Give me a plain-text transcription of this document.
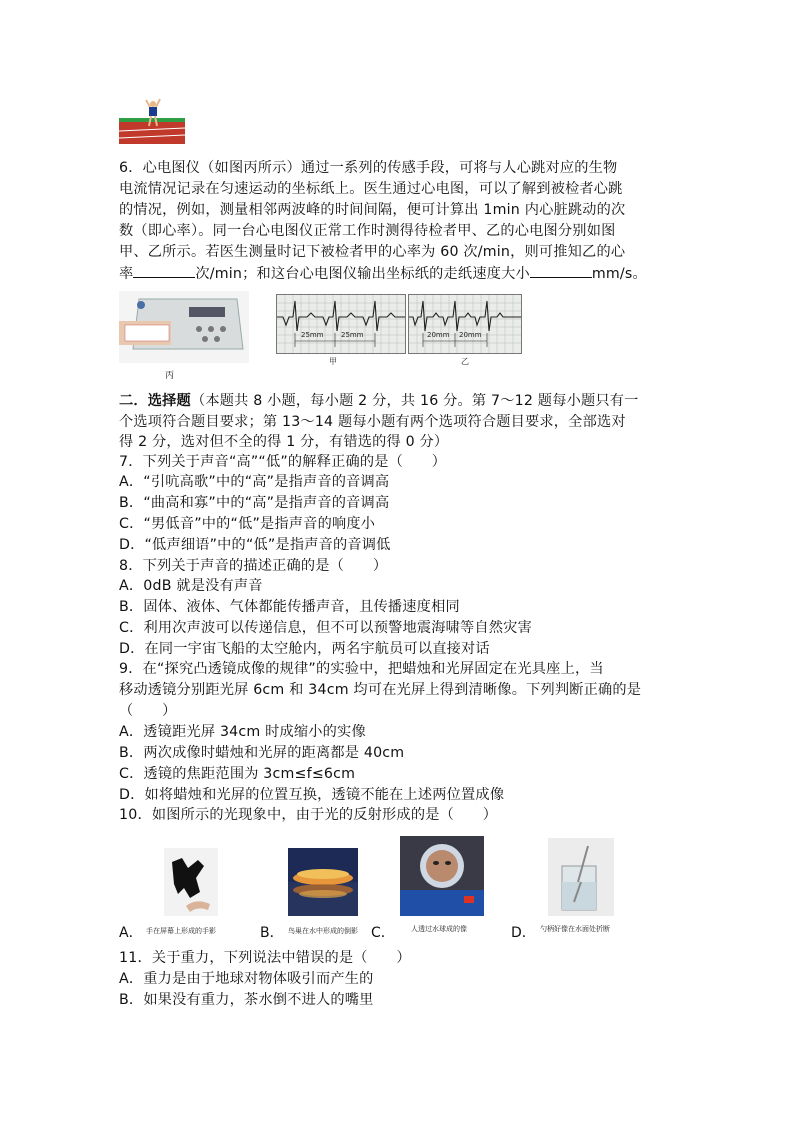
6．心电图仪（如图丙所示）通过一系列的传感手段，可将与人心跳对应的生物
电流情况记录在匀速运动的坐标纸上。医生通过心电图，可以了解到被检者心跳
的情况，例如，测量相邻两波峰的时间间隔，便可计算出 1min 内心脏跳动的次
数（即心率）。同一台心电图仪正常工作时测得待检者甲、乙的心电图分别如图
甲、乙所示。若医生测量时记下被检者甲的心率为 60 次/min，则可推知乙的心
率	次/min；和这台心电图仪输出坐标纸的走纸速度大小	mm/s。
丙
25mm 25mm
甲
20mm 20mm
乙
二．选择题（本题共 8 小题，每小题 2 分，共 16 分。第 7～12 题每小题只有一
个选项符合题目要求；第 13～14 题每小题有两个选项符合题目要求，全部选对
得 2 分，选对但不全的得 1 分，有错选的得 0 分）
7．下列关于声音“高”“低”的解释正确的是（　　）
A．“引吭高歌”中的“高”是指声音的音调高
B．“曲高和寡”中的“高”是指声音的音调高
C．“男低音”中的“低”是指声音的响度小
D．“低声细语”中的“低”是指声音的音调低
8．下列关于声音的描述正确的是（　　）
A．0dB 就是没有声音
B．固体、液体、气体都能传播声音，且传播速度相同
C．利用次声波可以传递信息，但不可以预警地震海啸等自然灾害
D．在同一宇宙飞船的太空舱内，两名宇航员可以直接对话
9．在“探究凸透镜成像的规律”的实验中，把蜡烛和光屏固定在光具座上，当
移动透镜分别距光屏 6cm 和 34cm 均可在光屏上得到清晰像。下列判断正确的是
（　　）
A．透镜距光屏 34cm 时成缩小的实像
B．两次成像时蜡烛和光屏的距离都是 40cm
C．透镜的焦距范围为 3cm≤f≤6cm
D．如将蜡烛和光屏的位置互换，透镜不能在上述两位置成像
10．如图所示的光现象中，由于光的反射形成的是（　　）
A． 手在屏幕上形成的手影	B． 鸟巢在水中形成的倒影 C． 人透过水球成的像	D． 勺柄好像在水面处折断
11．关于重力，下列说法中错误的是（　　）
A．重力是由于地球对物体吸引而产生的
B．如果没有重力，茶水倒不进人的嘴里
